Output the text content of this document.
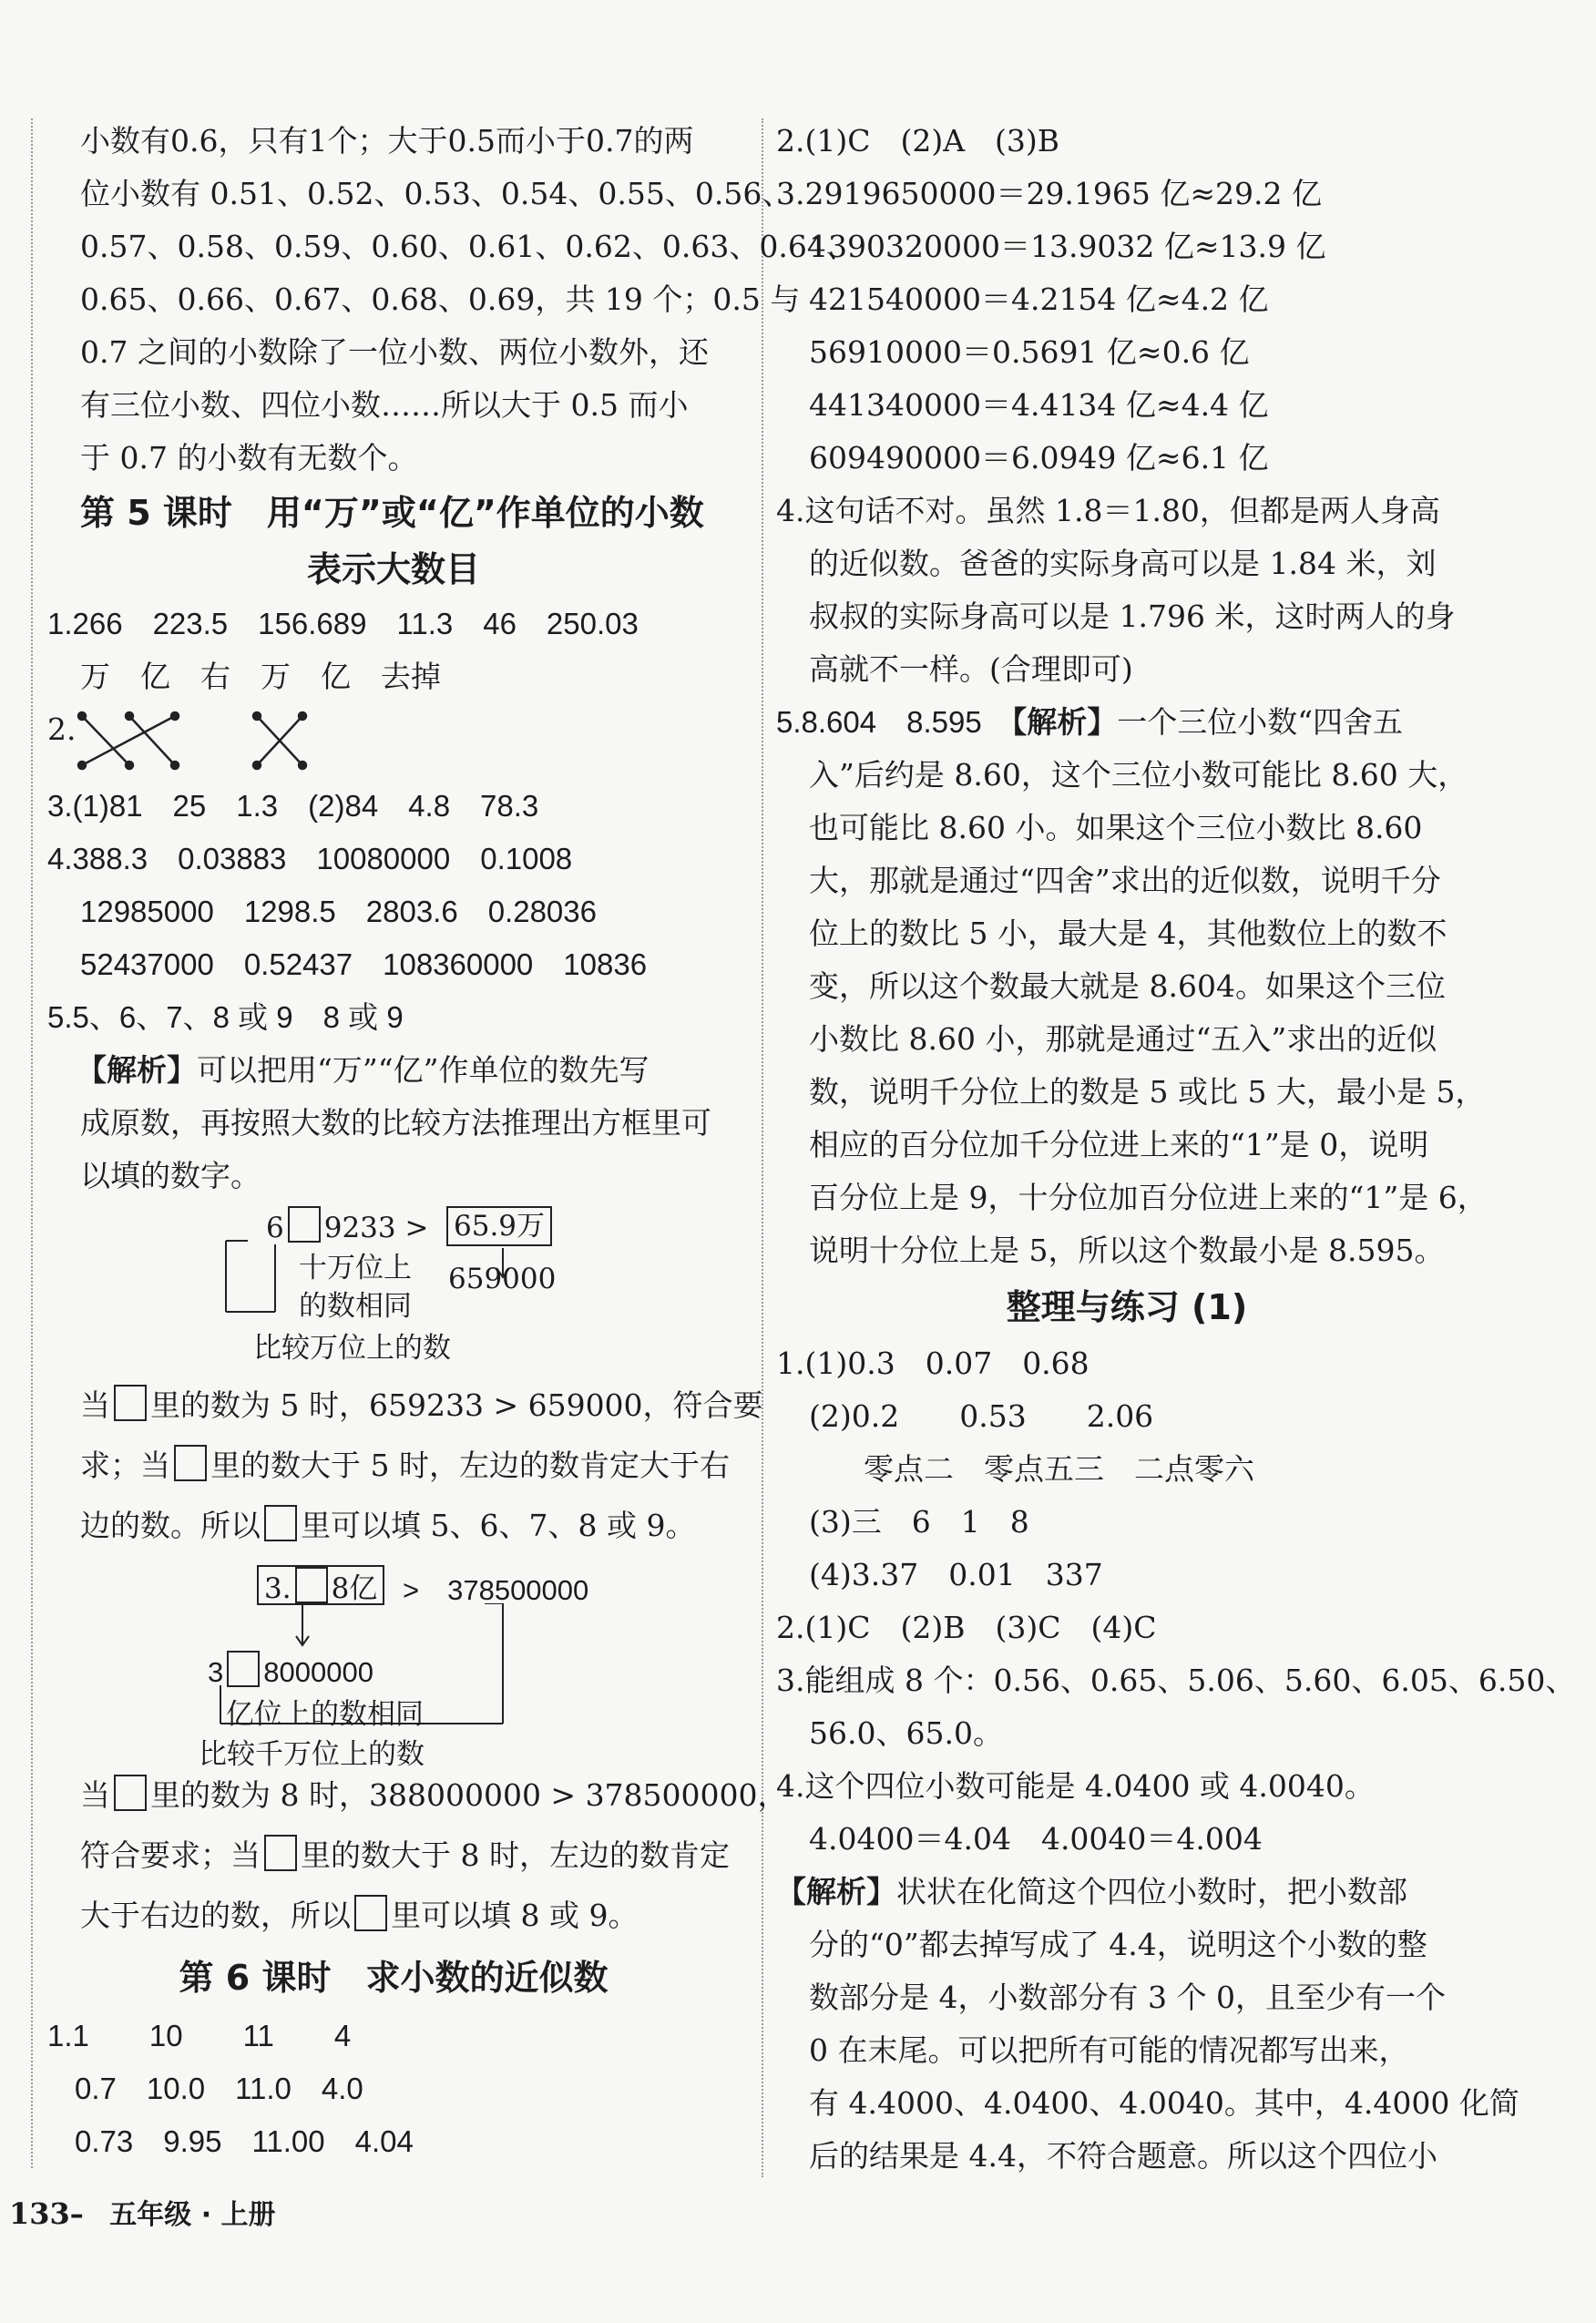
小数有0.6，只有1个；大于0.5而小于0.7的两
位小数有 0.51、0.52、0.53、0.54、0.55、0.56、
0.57、0.58、0.59、0.60、0.61、0.62、0.63、0.64、
0.65、0.66、0.67、0.68、0.69，共 19 个；0.5 与
0.7 之间的小数除了一位小数、两位小数外，还
有三位小数、四位小数……所以大于 0.5 而小
于 0.7 的小数有无数个。
第 5 课时　用“万”或“亿”作单位的小数
表示大数目
1.266　223.5　156.689　11.3　46　250.03
万　亿　右　万　亿　去掉
2.
3.(1)81　25　1.3　(2)84　4.8　78.3
4.388.3　0.03883　10080000　0.1008
12985000　1298.5　2803.6　0.28036
52437000　0.52437　108360000　10836
5.5、6、7、8 或 9　8 或 9
【解析】可以把用“万”“亿”作单位的数先写
成原数，再按照大数的比较方法推理出方框里可
以填的数字。
6 9233 > 65.9万
十万位上
的数相同
659000
比较万位上的数
当 里的数为 5 时，659233 > 659000，符合要
求；当 里的数大于 5 时，左边的数肯定大于右
边的数。所以 里可以填 5、6、7、8 或 9。
3. 8亿 >　378500000
3 8000000
亿位上的数相同
比较千万位上的数
当 里的数为 8 时，388000000 > 378500000，
符合要求；当 里的数大于 8 时，左边的数肯定
大于右边的数，所以 里可以填 8 或 9。
第 6 课时　求小数的近似数
1.1　　10　　11　　4
0.7　10.0　11.0　4.0
0.73　9.95　11.00　4.04
2.(1)C　(2)A　(3)B
3.2919650000＝29.1965 亿≈29.2 亿
1390320000＝13.9032 亿≈13.9 亿
421540000＝4.2154 亿≈4.2 亿
56910000＝0.5691 亿≈0.6 亿
441340000＝4.4134 亿≈4.4 亿
609490000＝6.0949 亿≈6.1 亿
4.这句话不对。虽然 1.8＝1.80，但都是两人身高
的近似数。爸爸的实际身高可以是 1.84 米，刘
叔叔的实际身高可以是 1.796 米，这时两人的身
高就不一样。(合理即可)
5.8.604　8.595　 【解析】一个三位小数“四舍五
入”后约是 8.60，这个三位小数可能比 8.60 大，
也可能比 8.60 小。如果这个三位小数比 8.60
大，那就是通过“四舍”求出的近似数，说明千分
位上的数比 5 小，最大是 4，其他数位上的数不
变，所以这个数最大就是 8.604。如果这个三位
小数比 8.60 小，那就是通过“五入”求出的近似
数，说明千分位上的数是 5 或比 5 大，最小是 5，
相应的百分位加千分位进上来的“1”是 0，说明
百分位上是 9，十分位加百分位进上来的“1”是 6，
说明十分位上是 5，所以这个数最小是 8.595。
整理与练习 (1)
1.(1)0.3　0.07　0.68
(2)0.2　　0.53　　2.06
零点二　零点五三　二点零六
(3)三　6　1　8
(4)3.37　0.01　337
2.(1)C　(2)B　(3)C　(4)C
3.能组成 8 个：0.56、0.65、5.06、5.60、6.05、6.50、
56.0、65.0。
4.这个四位小数可能是 4.0400 或 4.0040。
4.0400＝4.04　4.0040＝4.004
【解析】状状在化简这个四位小数时，把小数部
分的“0”都去掉写成了 4.4，说明这个小数的整
数部分是 4，小数部分有 3 个 0，且至少有一个
0 在末尾。可以把所有可能的情况都写出来，
有 4.4000、4.0400、4.0040。其中，4.4000 化简
后的结果是 4.4，不符合题意。所以这个四位小
133– 五年级 · 上册
